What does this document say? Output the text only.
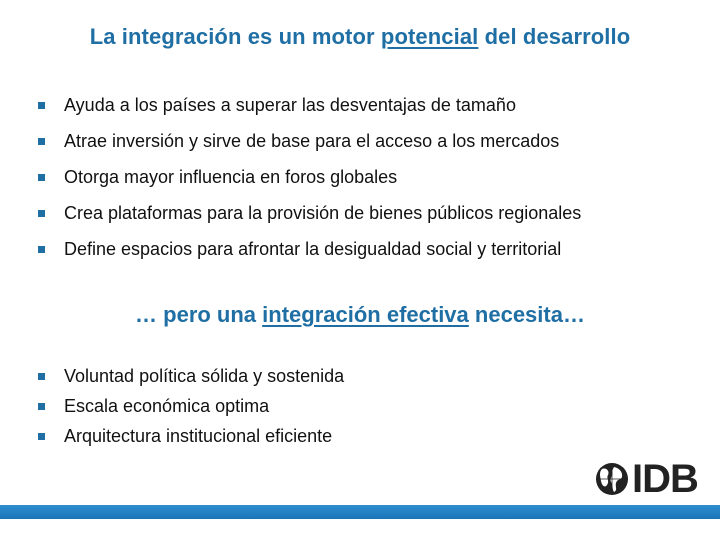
La integración es un motor potencial del desarrollo
Ayuda a los países a superar las desventajas de tamaño
Atrae inversión y sirve de base para el acceso a los mercados
Otorga mayor influencia en foros globales
Crea plataformas para la provisión de bienes públicos regionales
Define espacios para afrontar la desigualdad social y territorial
… pero una integración efectiva necesita…
Voluntad política sólida y sostenida
Escala económica optima
Arquitectura institucional eficiente
IDB
